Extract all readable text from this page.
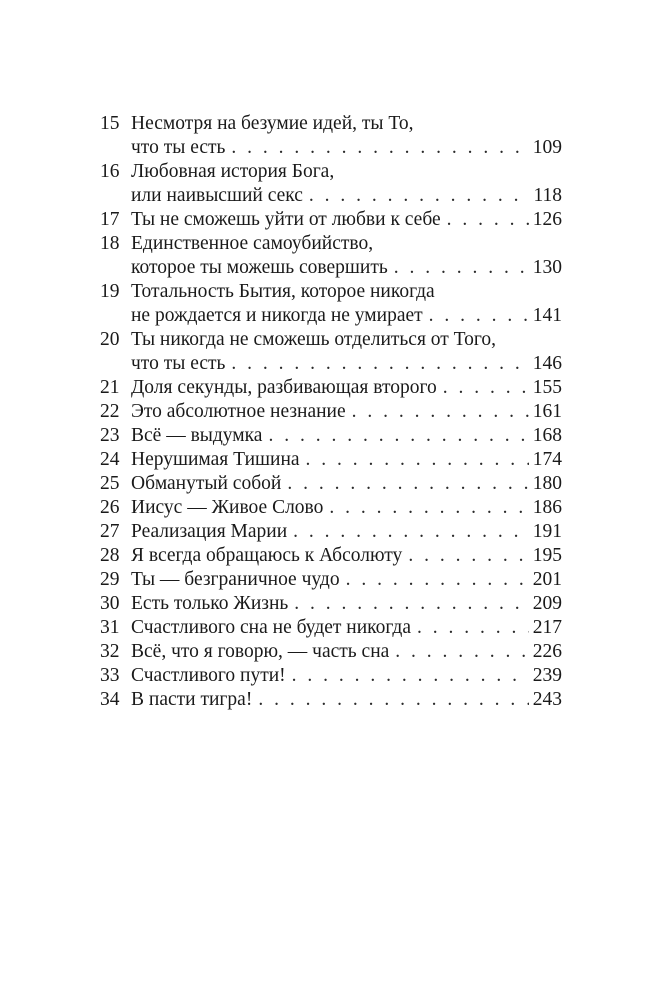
15 Несмотря на безумие идей, ты То,
что ты есть . . .	109
16 Любовная история Бога,
или наивысший секс . . .	118
17 Ты не сможешь уйти от любви к себе . . .	126
18 Единственное самоубийство,
которое ты можешь совершить . . .	130
19 Тотальность Бытия, которое никогда
не рождается и никогда не умирает . . .	141
20 Ты никогда не сможешь отделиться от Того,
что ты есть . . .	146
21 Доля секунды, разбивающая второго . . .	155
22 Это абсолютное незнание . . .	161
23 Всё — выдумка . . .	168
24 Нерушимая Тишина . . .	174
25 Обманутый собой . . .	180
26 Иисус — Живое Слово . . .	186
27 Реализация Марии . . .	191
28 Я всегда обращаюсь к Абсолюту . . .	195
29 Ты — безграничное чудо . . .	201
30 Есть только Жизнь . . .	209
31 Счастливого сна не будет никогда . . .	217
32 Всё, что я говорю, — часть сна . . .	226
33 Счастливого пути! . . .	239
34 В пасти тигра! . . .	243
